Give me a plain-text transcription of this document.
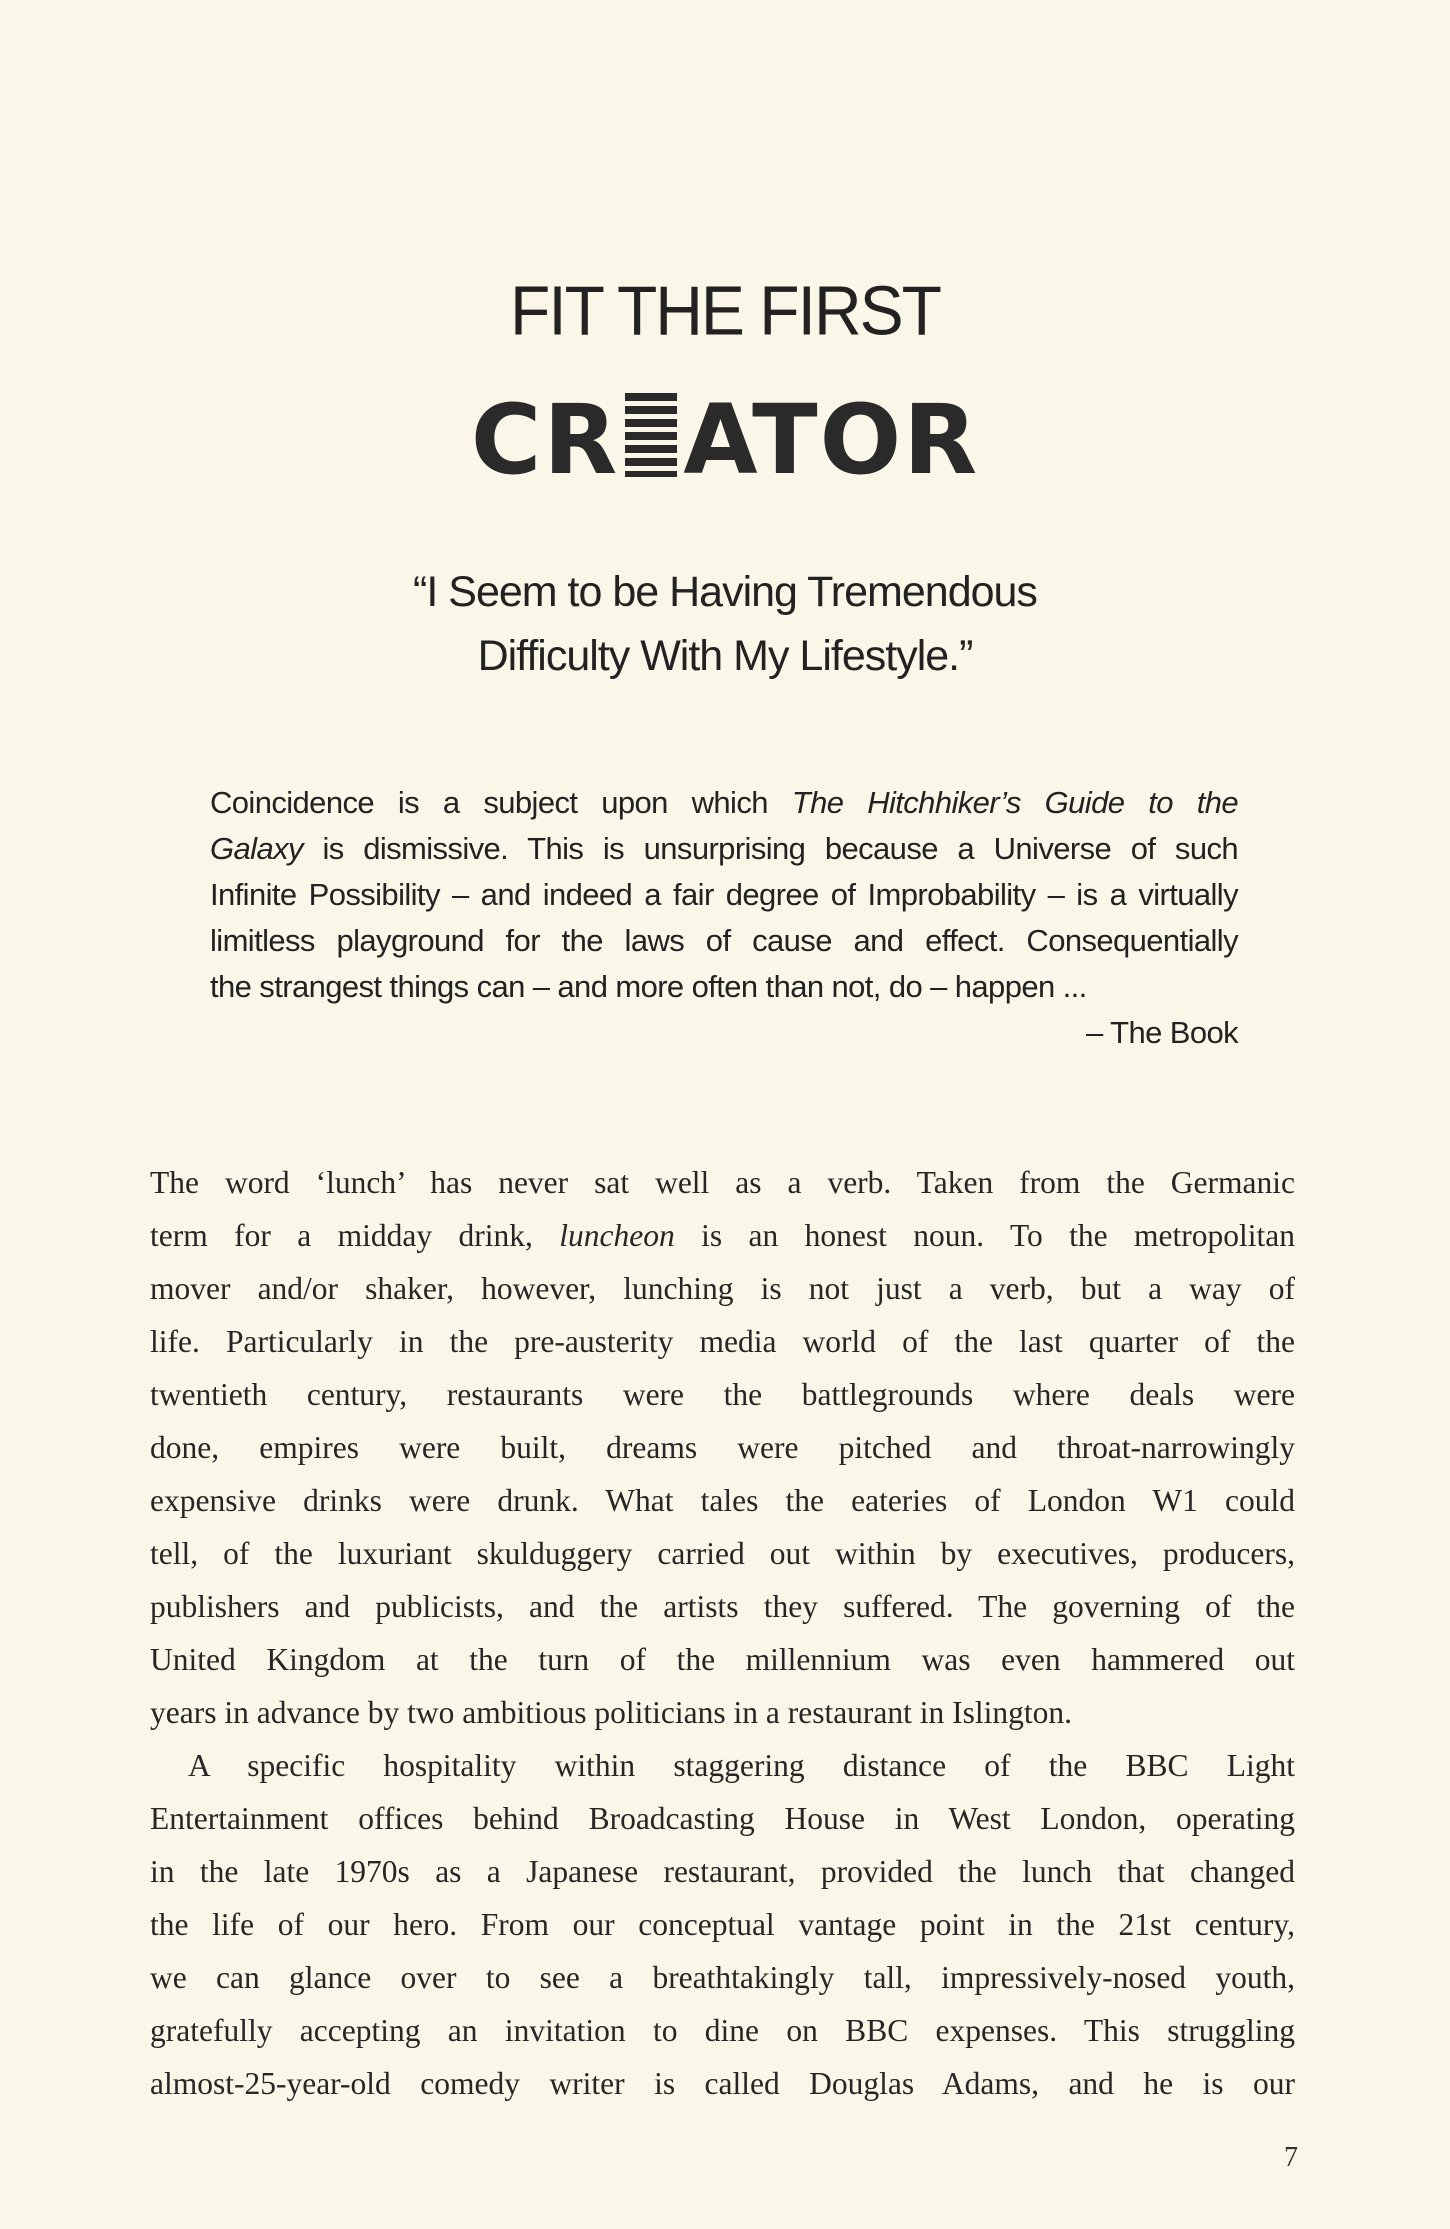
FIT THE FIRST
CR ATOR
“I Seem to be Having Tremendous
Difficulty With My Lifestyle.”
Coincidence is a subject upon which The Hitchhiker’s Guide to the
Galaxy is dismissive. This is unsurprising because a Universe of such
Infinite Possibility – and indeed a fair degree of Improbability – is a virtually
limitless playground for the laws of cause and effect. Consequentially
the strangest things can – and more often than not, do – happen ...
– The Book
The word ‘lunch’ has never sat well as a verb. Taken from the Germanic
term for a midday drink, luncheon is an honest noun. To the metropolitan
mover and/or shaker, however, lunching is not just a verb, but a way of
life. Particularly in the pre-austerity media world of the last quarter of the
twentieth century, restaurants were the battlegrounds where deals were
done, empires were built, dreams were pitched and throat-narrowingly
expensive drinks were drunk. What tales the eateries of London W1 could
tell, of the luxuriant skulduggery carried out within by executives, producers,
publishers and publicists, and the artists they suffered. The governing of the
United Kingdom at the turn of the millennium was even hammered out
years in advance by two ambitious politicians in a restaurant in Islington.
A specific hospitality within staggering distance of the BBC Light
Entertainment offices behind Broadcasting House in West London, operating
in the late 1970s as a Japanese restaurant, provided the lunch that changed
the life of our hero. From our conceptual vantage point in the 21st century,
we can glance over to see a breathtakingly tall, impressively-nosed youth,
gratefully accepting an invitation to dine on BBC expenses. This struggling
almost-25-year-old comedy writer is called Douglas Adams, and he is our
7
